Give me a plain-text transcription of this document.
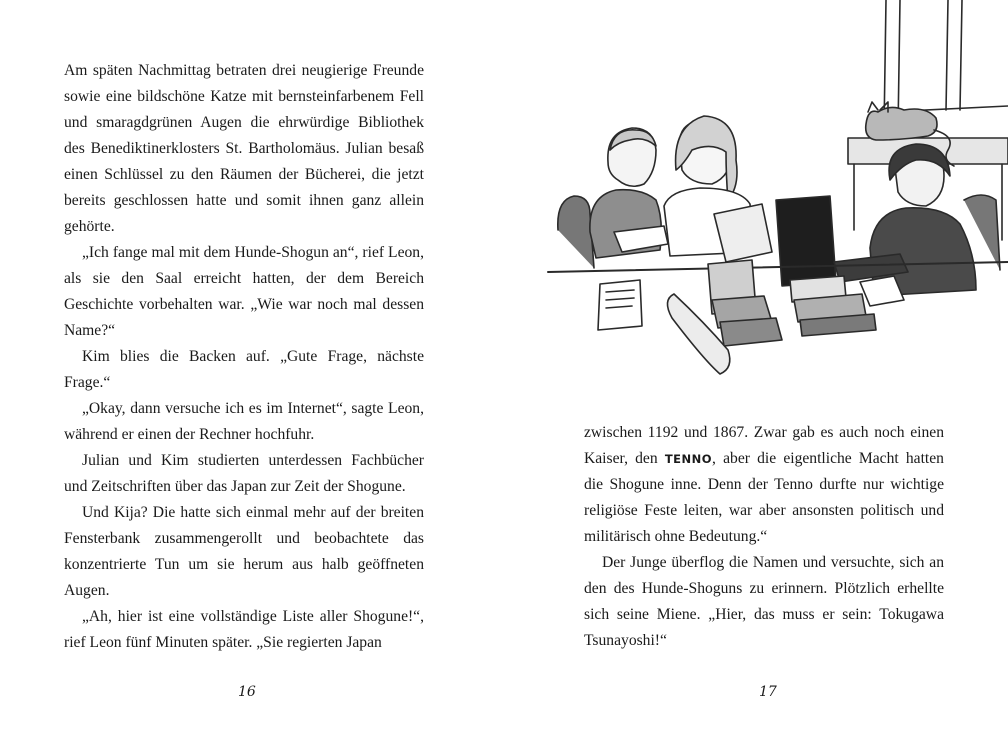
Am späten Nachmittag betraten drei neugierige Freunde sowie eine bildschöne Katze mit bernsteinfarbenem Fell und smaragdgrünen Augen die ehrwürdige Bibliothek des Benediktinerklosters St. Bartholomäus. Julian besaß einen Schlüssel zu den Räumen der Bücherei, die jetzt bereits geschlossen hatte und somit ihnen ganz allein gehörte.

„Ich fange mal mit dem Hunde-Shogun an“, rief Leon, als sie den Saal erreicht hatten, der dem Bereich Geschichte vorbehalten war. „Wie war noch mal dessen Name?“

Kim blies die Backen auf. „Gute Frage, nächste Frage.“

„Okay, dann versuche ich es im Internet“, sagte Leon, während er einen der Rechner hochfuhr.

Julian und Kim studierten unterdessen Fachbücher und Zeitschriften über das Japan zur Zeit der Shogune.

Und Kija? Die hatte sich einmal mehr auf der breiten Fensterbank zusammengerollt und beobachtete das konzentrierte Tun um sie herum aus halb geöffneten Augen.

„Ah, hier ist eine vollständige Liste aller Shogune!“, rief Leon fünf Minuten später. „Sie regierten Japan

16

zwischen 1192 und 1867. Zwar gab es auch noch einen Kaiser, den TENNO, aber die eigentliche Macht hatten die Shogune inne. Denn der Tenno durfte nur wichtige religiöse Feste leiten, war aber ansonsten politisch und militärisch ohne Bedeutung.“

Der Junge überflog die Namen und versuchte, sich an den des Hunde-Shoguns zu erinnern. Plötzlich erhellte sich seine Miene. „Hier, das muss er sein: Tokugawa Tsunayoshi!“

17
